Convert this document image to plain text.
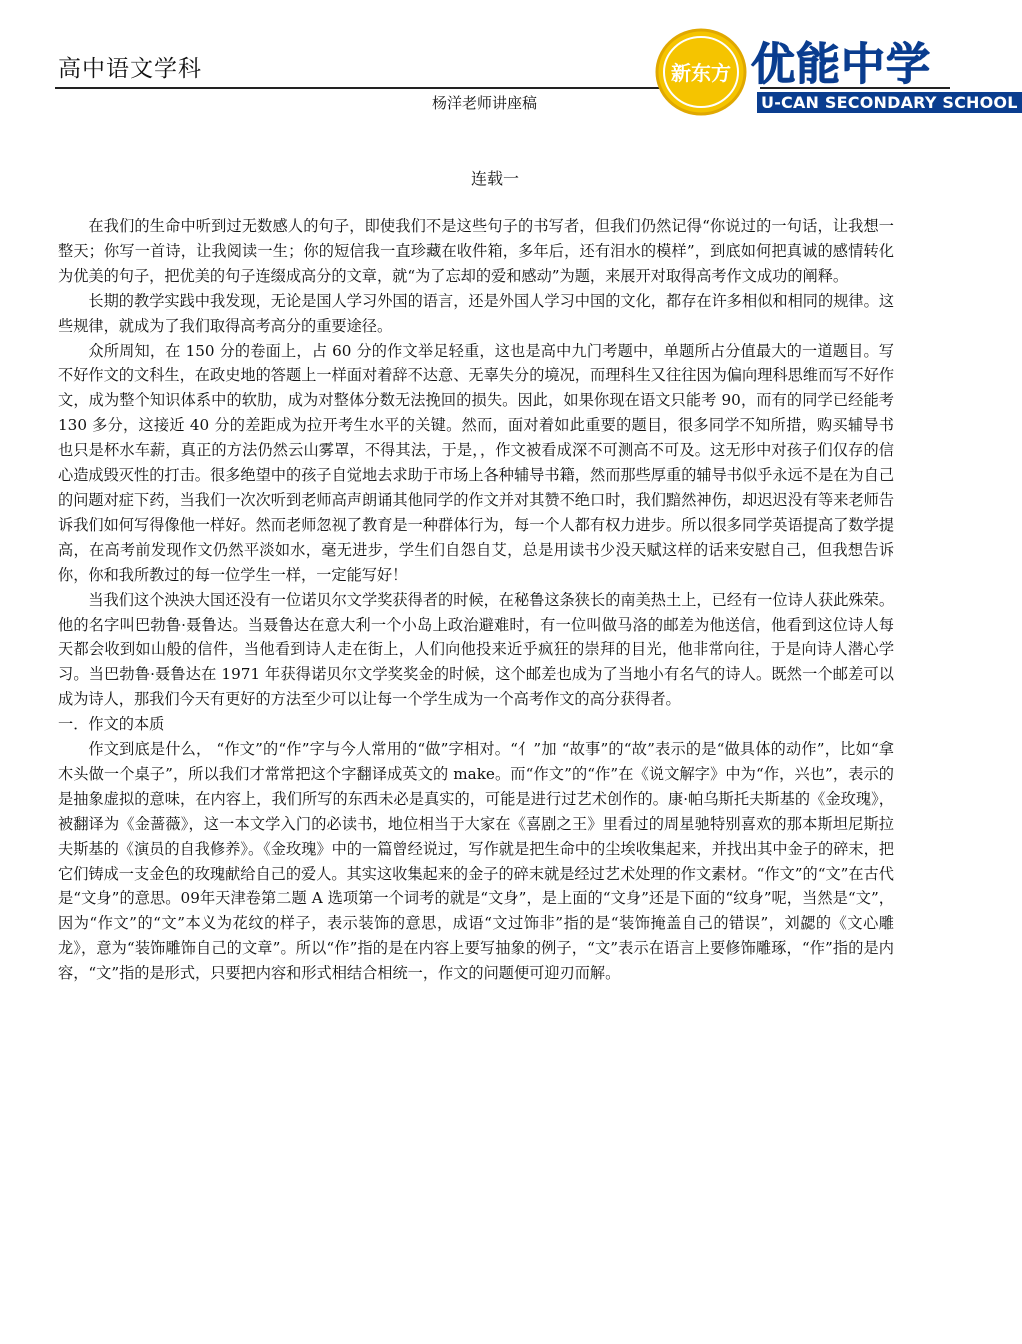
高中语文学科
杨洋老师讲座稿
新东方 优能中学
U-CAN SECONDARY SCHOOL
连载一

在我们的生命中听到过无数感人的句子，即使我们不是这些句子的书写者，但我们仍然记得“你说过的一句话，让我想一整天；你写一首诗，让我阅读一生；你的短信我一直珍藏在收件箱，多年后，还有泪水的模样”，到底如何把真诚的感情转化为优美的句子，把优美的句子连缀成高分的文章，就“为了忘却的爱和感动”为题，来展开对取得高考作文成功的阐释。

长期的教学实践中我发现，无论是国人学习外国的语言，还是外国人学习中国的文化，都存在许多相似和相同的规律。这些规律，就成为了我们取得高考高分的重要途径。

众所周知，在 150 分的卷面上，占 60 分的作文举足轻重，这也是高中九门考题中，单题所占分值最大的一道题目。写不好作文的文科生，在政史地的答题上一样面对着辞不达意、无辜失分的境况，而理科生又往往因为偏向理科思维而写不好作文，成为整个知识体系中的软肋，成为对整体分数无法挽回的损失。因此，如果你现在语文只能考 90，而有的同学已经能考 130 多分，这接近 40 分的差距成为拉开考生水平的关键。然而，面对着如此重要的题目，很多同学不知所措，购买辅导书也只是杯水车薪，真正的方法仍然云山雾罩，不得其法，于是，，作文被看成深不可测高不可及。这无形中对孩子们仅存的信心造成毁灭性的打击。很多绝望中的孩子自觉地去求助于市场上各种辅导书籍，然而那些厚重的辅导书似乎永远不是在为自己的问题对症下药，当我们一次次听到老师高声朗诵其他同学的作文并对其赞不绝口时，我们黯然神伤，却迟迟没有等来老师告诉我们如何写得像他一样好。然而老师忽视了教育是一种群体行为，每一个人都有权力进步。所以很多同学英语提高了数学提高，在高考前发现作文仍然平淡如水，毫无进步，学生们自怨自艾，总是用读书少没天赋这样的话来安慰自己，但我想告诉你，你和我所教过的每一位学生一样，一定能写好！

当我们这个泱泱大国还没有一位诺贝尔文学奖获得者的时候，在秘鲁这条狭长的南美热土上，已经有一位诗人获此殊荣。他的名字叫巴勃鲁·聂鲁达。当聂鲁达在意大利一个小岛上政治避难时，有一位叫做马洛的邮差为他送信，他看到这位诗人每天都会收到如山般的信件，当他看到诗人走在街上，人们向他投来近乎疯狂的崇拜的目光，他非常向往，于是向诗人潜心学习。当巴勃鲁·聂鲁达在 1971 年获得诺贝尔文学奖奖金的时候，这个邮差也成为了当地小有名气的诗人。既然一个邮差可以成为诗人，那我们今天有更好的方法至少可以让每一个学生成为一个高考作文的高分获得者。

一．作文的本质

作文到底是什么， “作文”的“作”字与今人常用的“做”字相对。“亻”加 “故事”的“故”表示的是“做具体的动作”，比如“拿木头做一个桌子”，所以我们才常常把这个字翻译成英文的 make。而“作文”的“作”在《说文解字》中为“作，兴也”，表示的是抽象虚拟的意味，在内容上，我们所写的东西未必是真实的，可能是进行过艺术创作的。康·帕乌斯托夫斯基的《金玫瑰》，被翻译为《金蔷薇》，这一本文学入门的必读书，地位相当于大家在《喜剧之王》里看过的周星驰特别喜欢的那本斯坦尼斯拉夫斯基的《演员的自我修养》。《金玫瑰》中的一篇曾经说过，写作就是把生命中的尘埃收集起来，并找出其中金子的碎末，把它们铸成一支金色的玫瑰献给自己的爱人。其实这收集起来的金子的碎末就是经过艺术处理的作文素材。“作文”的“文”在古代是“文身”的意思。09年天津卷第二题 A 选项第一个词考的就是“文身”，是上面的“文身”还是下面的“纹身”呢，当然是“文”，因为“作文”的“文”本义为花纹的样子，表示装饰的意思，成语“文过饰非”指的是“装饰掩盖自己的错误”，刘勰的《文心雕龙》，意为“装饰雕饰自己的文章”。所以“作”指的是在内容上要写抽象的例子，“文”表示在语言上要修饰雕琢，“作”指的是内容，“文”指的是形式，只要把内容和形式相结合相统一，作文的问题便可迎刃而解。
